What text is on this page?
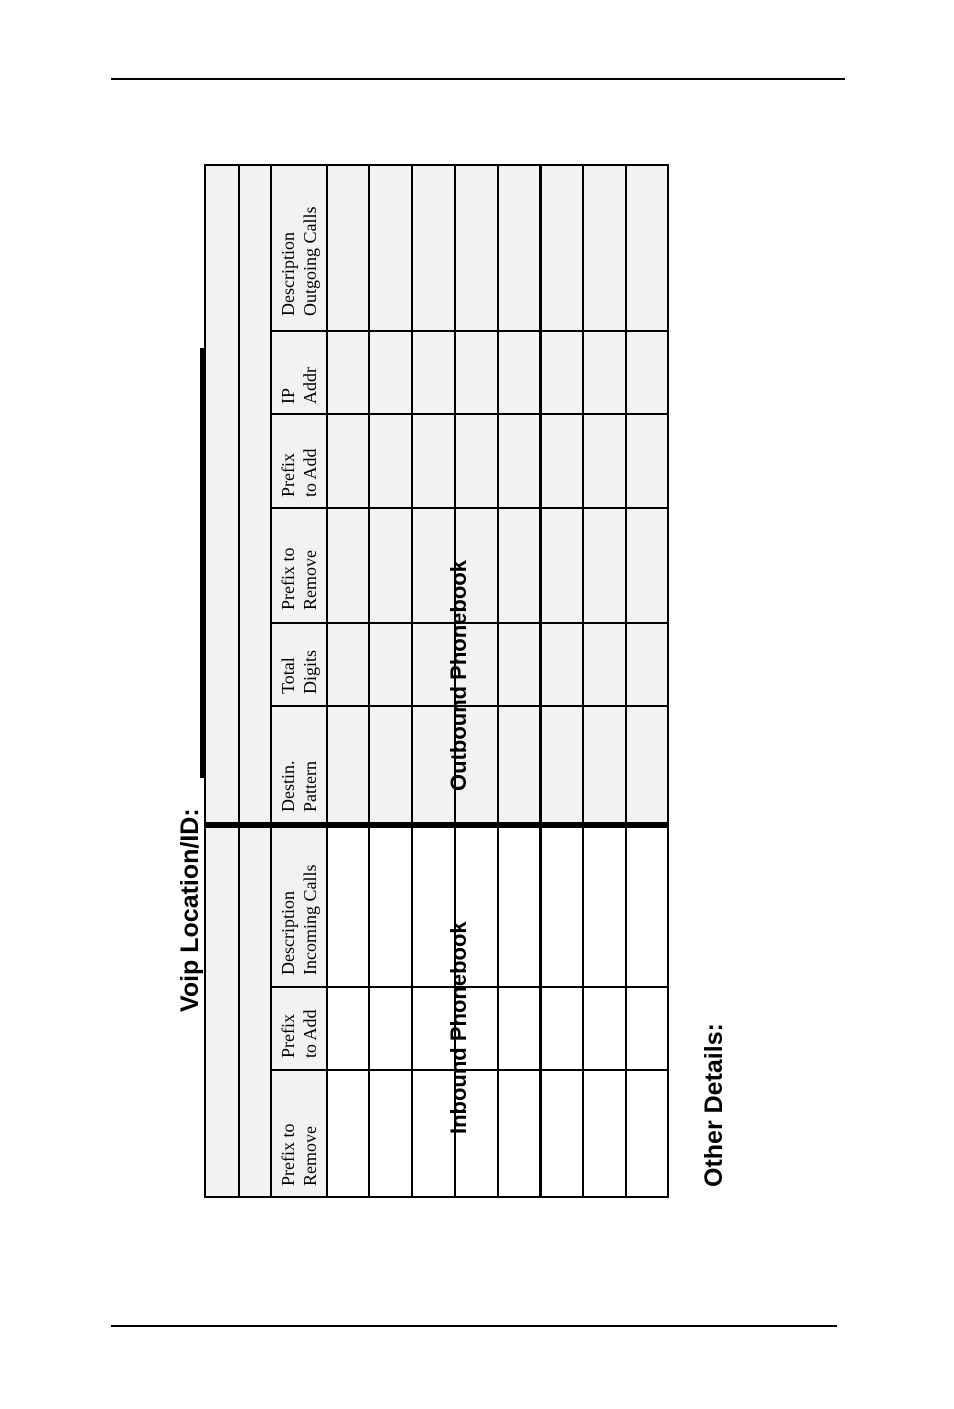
Voip Location/ID:
Outbound Phonebook
Inbound Phonebook
Description Outgoing Calls
IP Addr
Prefix to Add
Prefix to Remove
Total Digits
Destin. Pattern
Description Incoming Calls
Prefix to Add
Prefix to Remove	Other Details:
